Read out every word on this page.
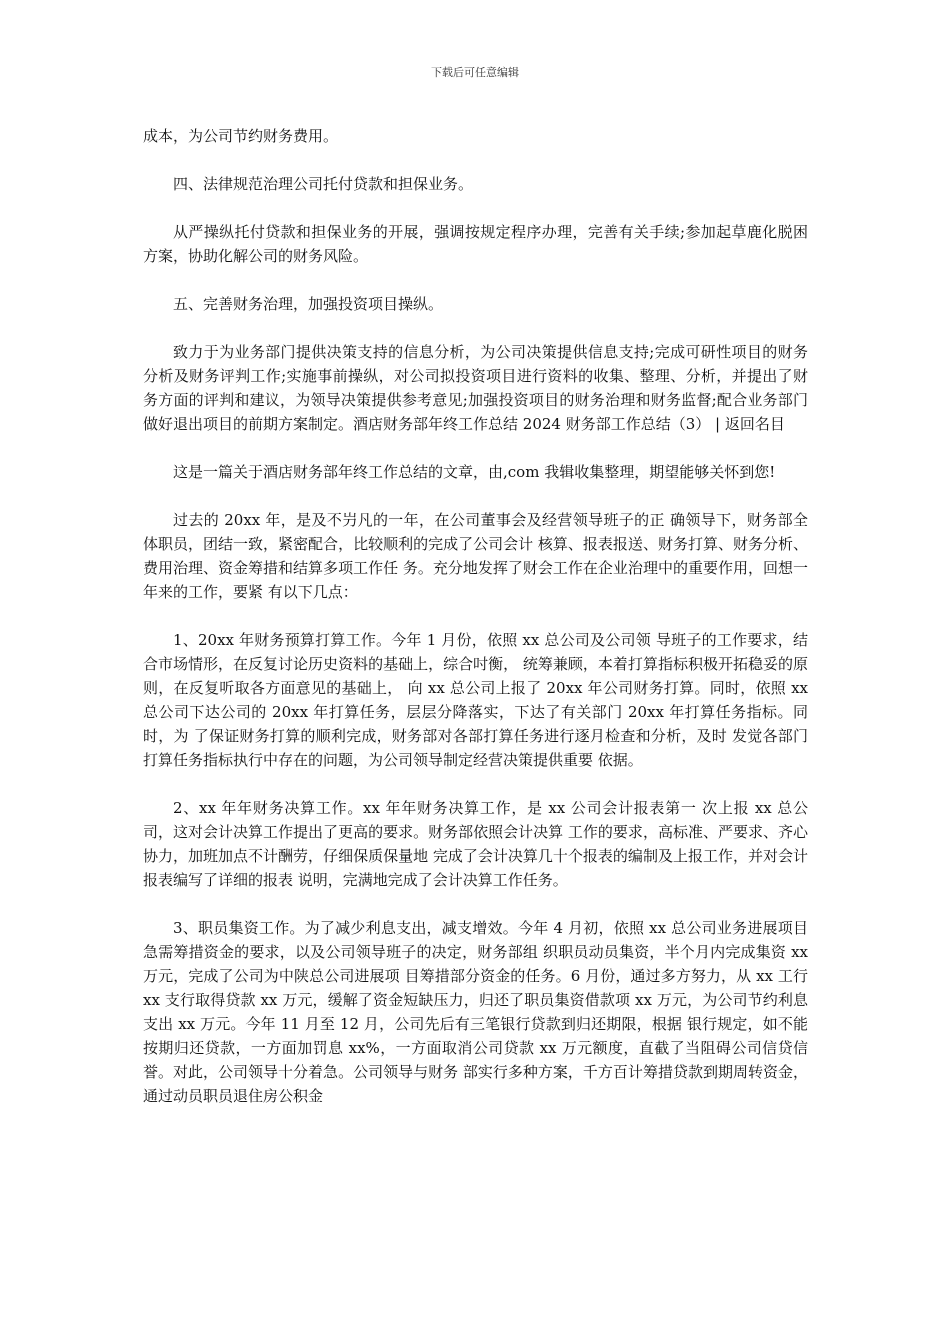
下载后可任意编辑

成本，为公司节约财务费用。

四、法律规范治理公司托付贷款和担保业务。

从严操纵托付贷款和担保业务的开展，强调按规定程序办理，完善有关手续;参加起草鹿化脱困方案，协助化解公司的财务风险。

五、完善财务治理，加强投资项目操纵。

致力于为业务部门提供决策支持的信息分析，为公司决策提供信息支持;完成可研性项目的财务分析及财务评判工作;实施事前操纵，对公司拟投资项目进行资料的收集、整理、分析，并提出了财务方面的评判和建议，为领导决策提供参考意见;加强投资项目的财务治理和财务监督;配合业务部门做好退出项目的前期方案制定。酒店财务部年终工作总结 2024 财务部工作总结（3） | 返回名目

这是一篇关于酒店财务部年终工作总结的文章，由,com 我辑收集整理，期望能够关怀到您!

过去的 20xx 年，是及不屶凡的一年，在公司董事会及经营领导班子的正 确领导下，财务部全体职员，团结一致，紧密配合，比较顺利的完成了公司会计 核算、报表报送、财务打算、财务分析、费用治理、资金筹措和结算多项工作任 务。充分地发挥了财会工作在企业治理中的重要作用，回想一年来的工作，要紧 有以下几点：

1、20xx 年财务预算打算工作。今年 1 月份，依照 xx 总公司及公司领 导班子的工作要求，结合市场情形，在反复讨论历史资料的基础上，综合吋衡， 统筹兼顾，本着打算指标积极开拓稳妥的原则，在反复听取各方面意见的基础上， 向 xx 总公司上报了 20xx 年公司财务打算。同时，依照 xx 总公司下达公司的 20xx 年打算任务，层层分降落实，下达了有关部门 20xx 年打算任务指标。同时，为 了保证财务打算的顺利完成，财务部对各部打算任务进行逐月检查和分析，及时 发觉各部门打算任务指标执行中存在的问题，为公司领导制定经营决策提供重要 依据。

2、xx 年年财务决算工作。xx 年年财务决算工作，是 xx 公司会计报表第一 次上报 xx 总公司，这对会计决算工作提出了更高的要求。财务部依照会计决算 工作的要求，高标准、严要求、齐心协力，加班加点不计酬劳，仔细保质保量地 完成了会计决算几十个报表的编制及上报工作，并对会计报表编写了详细的报表 说明，完满地完成了会计决算工作任务。

3、职员集资工作。为了减少利息支出，减支增效。今年 4 月初，依照 xx 总公司业务进展项目急需筹措资金的要求，以及公司领导班子的决定，财务部组 织职员动员集资，半个月内完成集资 xx 万元，完成了公司为中陕总公司进展项 目筹措部分资金的任务。6 月份，通过多方努力，从 xx 工行 xx 支行取得贷款 xx 万元，缓解了资金短缺压力，归还了职员集资借款项 xx 万元，为公司节约利息 支出 xx 万元。今年 11 月至 12 月，公司先后有三笔银行贷款到归还期限，根据 银行规定，如不能按期归还贷款，一方面加罚息 xx%，一方面取消公司贷款 xx 万元额度，直截了当阻碍公司信贷信誉。对此，公司领导十分着急。公司领导与财务 部实行多种方案，千方百计筹措贷款到期周转资金，通过动员职员退住房公积金
